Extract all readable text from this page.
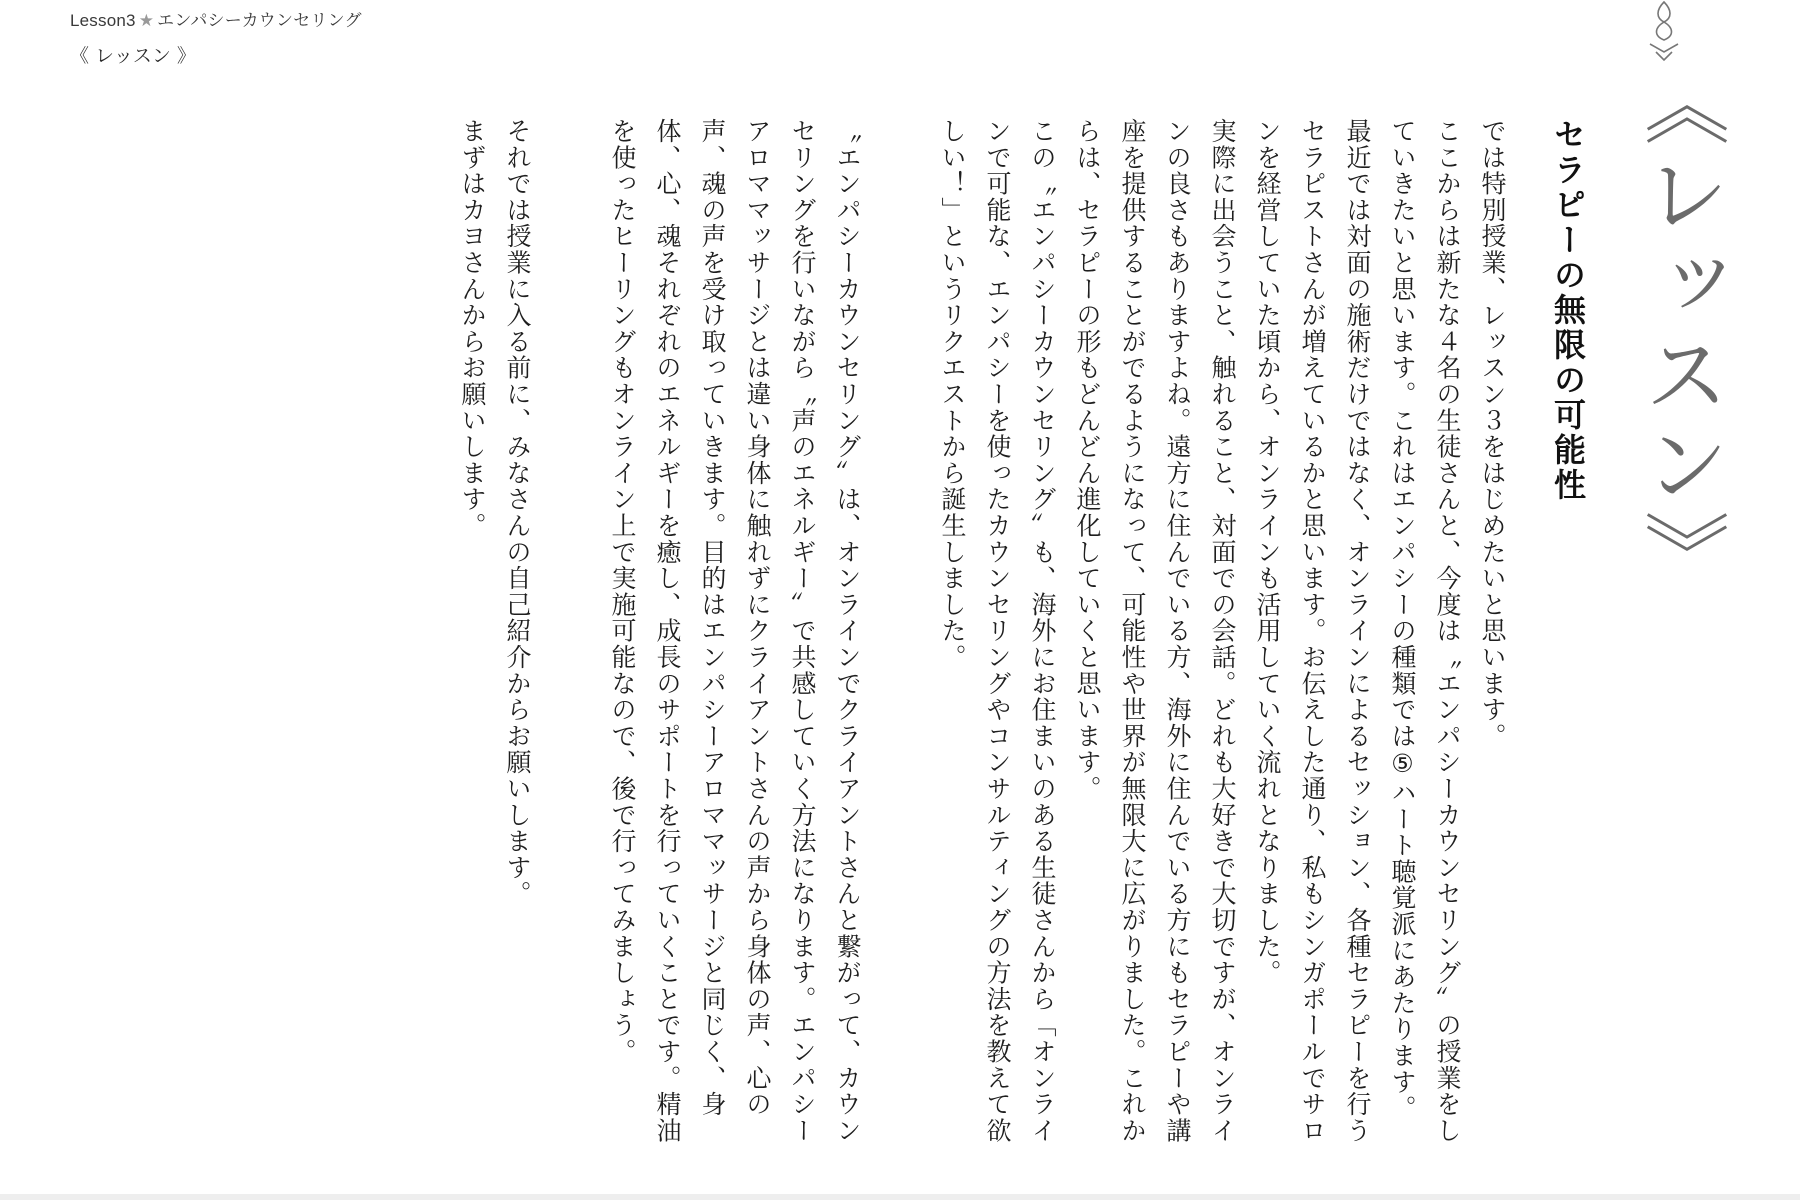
Lesson3 ★ エンパシーカウンセリング
《 レッスン 》
《レッスン》
セラピーの無限の可能性

では特別授業、レッスン３をはじめたいと思います。

ここからは新たな４名の生徒さんと、今度は〝エンパシーカウンセリング〟の授業をしていきたいと思います。これはエンパシーの種類では⑤ハート聴覚派にあたります。

最近では対面の施術だけではなく、オンラインによるセッション、各種セラピーを行うセラピストさんが増えているかと思います。お伝えした通り、私もシンガポールでサロンを経営していた頃から、オンラインも活用していく流れとなりました。

実際に出会うこと、触れること、対面での会話。どれも大好きで大切ですが、オンラインの良さもありますよね。遠方に住んでいる方、海外に住んでいる方にもセラピーや講座を提供することがでるようになって、可能性や世界が無限大に広がりました。これからは、セラピーの形もどんどん進化していくと思います。

この〝エンパシーカウンセリング〟も、海外にお住まいのある生徒さんから「オンラインで可能な、エンパシーを使ったカウンセリングやコンサルティングの方法を教えて欲しい！」というリクエストから誕生しました。

〝エンパシーカウンセリング〟は、オンラインでクライアントさんと繋がって、カウンセリングを行いながら〝声のエネルギー〟で共感していく方法になります。エンパシーアロママッサージとは違い身体に触れずにクライアントさんの声から身体の声、心の声、魂の声を受け取っていきます。目的はエンパシーアロママッサージと同じく、身体、心、魂それぞれのエネルギーを癒し、成長のサポートを行っていくことです。精油を使ったヒーリングもオンライン上で実施可能なので、後で行ってみましょう。

それでは授業に入る前に、みなさんの自己紹介からお願いします。

まずはカヨさんからお願いします。
